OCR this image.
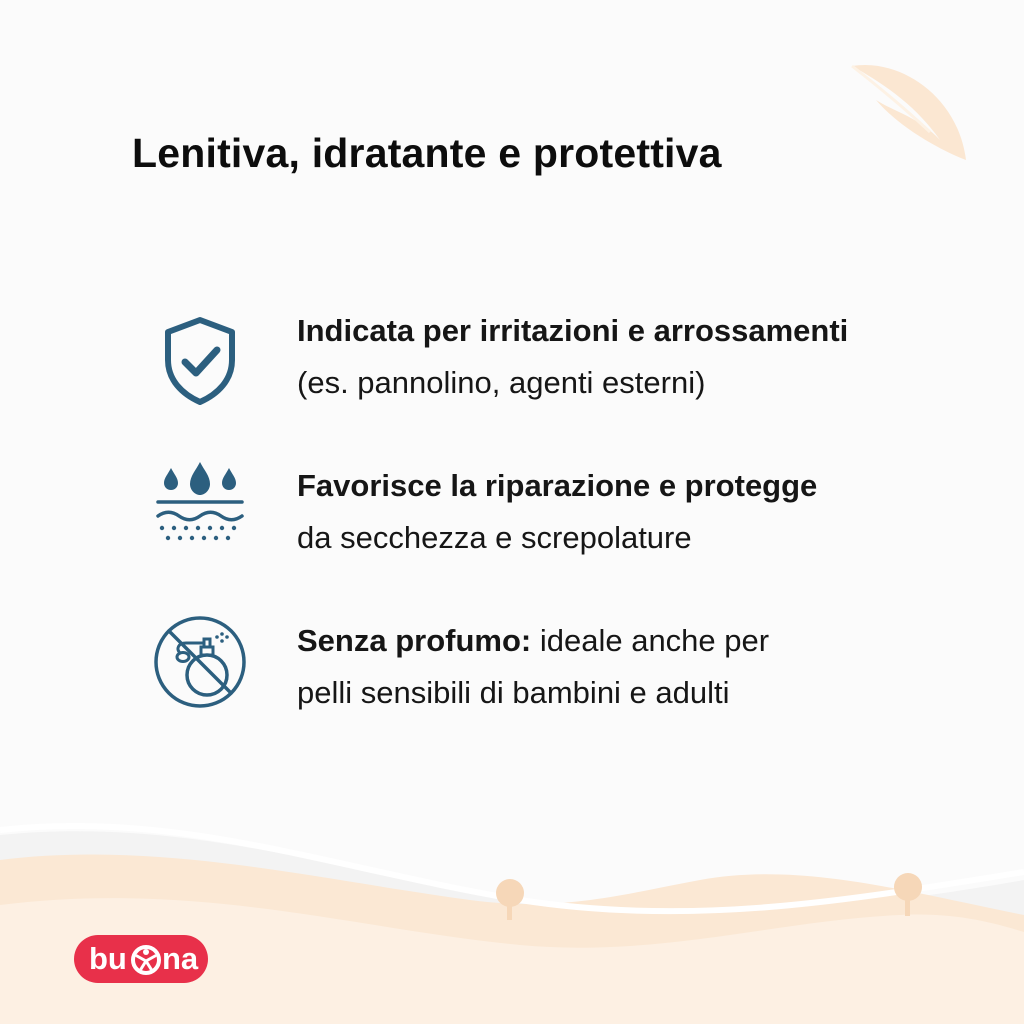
Lenitiva, idratante e protettiva
Indicata per irritazioni e arrossamenti
(es. pannolino, agenti esterni)
Favorisce la riparazione e protegge
da secchezza e screpolature
Senza profumo: ideale anche per
pelli sensibili di bambini e adulti
bu na
